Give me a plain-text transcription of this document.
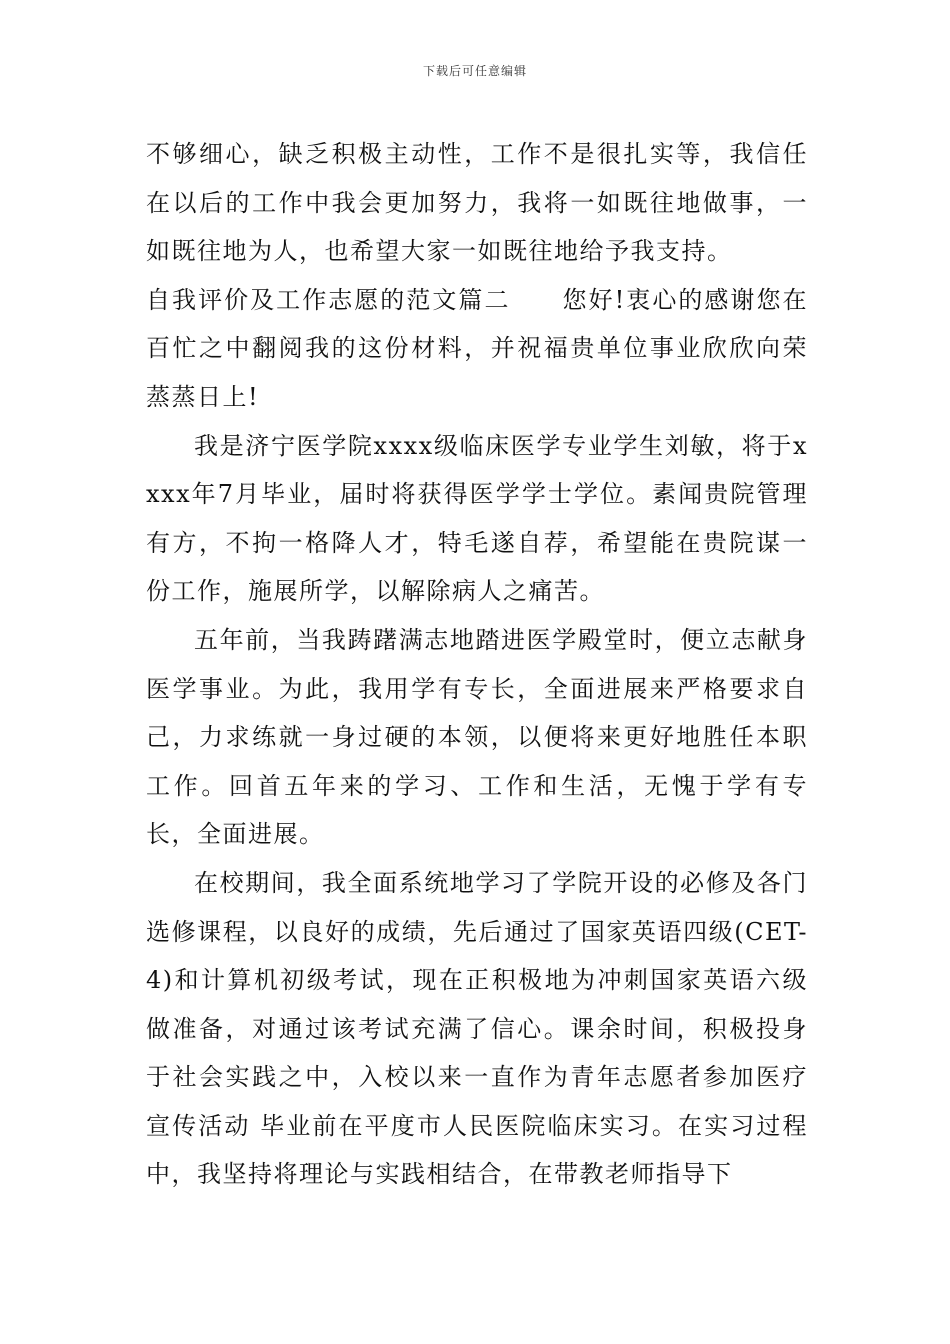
下载后可任意编辑

不够细心，缺乏积极主动性，工作不是很扎实等，我信任在以后的工作中我会更加努力，我将一如既往地做事，一如既往地为人，也希望大家一如既往地给予我支持。

自我评价及工作志愿的范文篇二　　您好!衷心的感谢您在百忙之中翻阅我的这份材料，并祝福贵单位事业欣欣向荣蒸蒸日上!

我是济宁医学院xxxx级临床医学专业学生刘敏，将于xxxx年7月毕业，届时将获得医学学士学位。素闻贵院管理有方，不拘一格降人才，特毛遂自荐，希望能在贵院谋一份工作，施展所学，以解除病人之痛苦。

五年前，当我踌躇满志地踏进医学殿堂时，便立志献身医学事业。为此，我用学有专长，全面进展来严格要求自己，力求练就一身过硬的本领，以便将来更好地胜任本职工作。回首五年来的学习、工作和生活，无愧于学有专长，全面进展。

在校期间，我全面系统地学习了学院开设的必修及各门选修课程，以良好的成绩，先后通过了国家英语四级(CET-4)和计算机初级考试，现在正积极地为冲刺国家英语六级做准备，对通过该考试充满了信心。课余时间，积极投身于社会实践之中，入校以来一直作为青年志愿者参加医疗宣传活动 毕业前在平度市人民医院临床实习。在实习过程中，我坚持将理论与实践相结合，在带教老师指导下
